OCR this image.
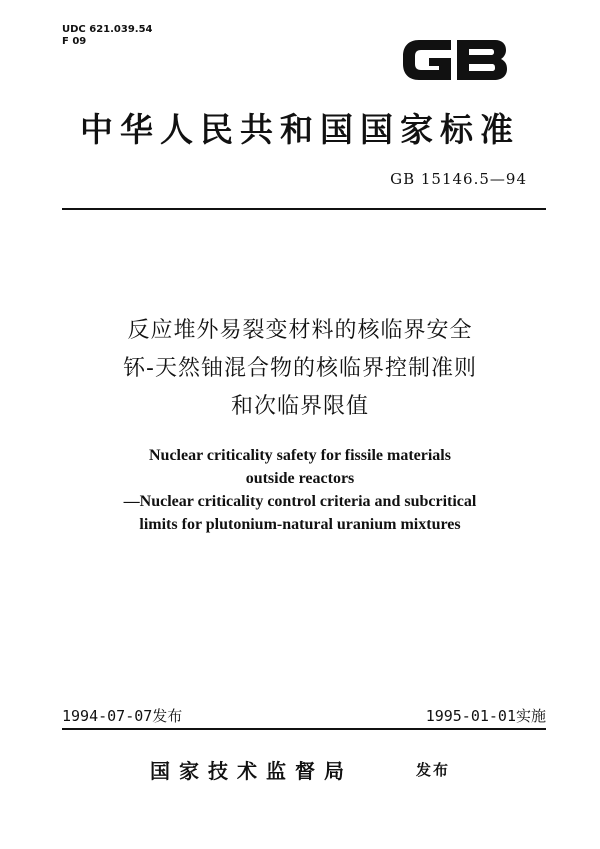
UDC 621.039.54
F 09
中华人民共和国国家标准
GB 15146.5—94
反应堆外易裂变材料的核临界安全
钚-天然铀混合物的核临界控制准则
和次临界限值
Nuclear criticality safety for fissile materials
outside reactors
—Nuclear criticality control criteria and subcritical
limits for plutonium-natural uranium mixtures
1994-07-07发布	1995-01-01实施
国家技术监督局	发布
